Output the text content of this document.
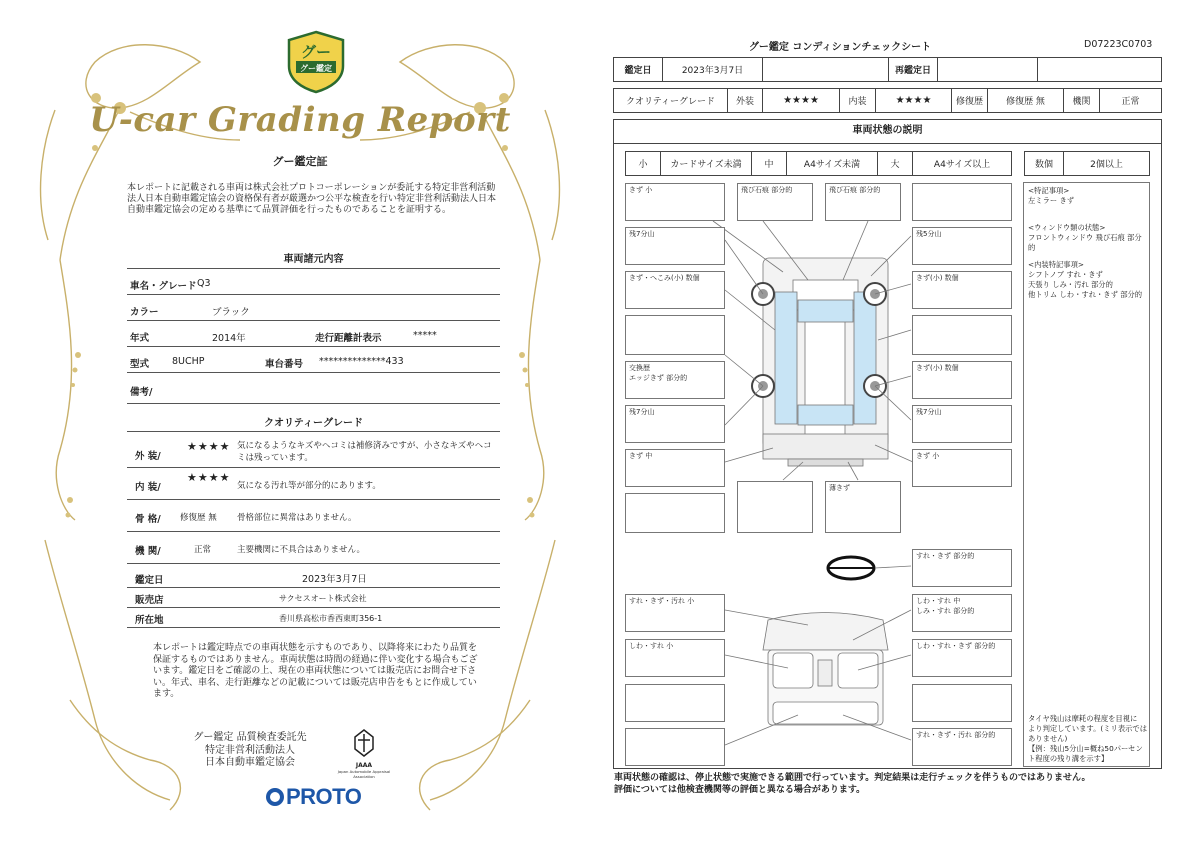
グー
グー鑑定
U-car Grading Report
グー鑑定証
本レポートに記載される車両は株式会社プロトコーポレーションが委託する特定非営利活動法人日本自動車鑑定協会の資格保有者が厳選かつ公平な検査を行い特定非営利活動法人日本自動車鑑定協会の定める基準にて品質評価を行ったものであることを証明する。
車両諸元内容
車名・グレード Q3
カラー	ブラック
年式	2014年	走行距離計表示	*****
型式 8UCHP	車台番号 **************433
備考/
クオリティーグレード
外 装/
★★★★ 気になるようなキズやヘコミは補修済みですが、小さなキズやヘコミは残っています。
内 装/
★★★★
気になる汚れ等が部分的にあります。
骨 格/ 修復歴 無 骨格部位に異常はありません。
機 関/	正常	主要機関に不具合はありません。
鑑定日	2023年3月7日
販売店	サクセスオート株式会社
所在地	香川県高松市香西東町356-1
本レポートは鑑定時点での車両状態を示すものであり、以降将来にわたり品質を保証するものではありません。車両状態は時間の経過に伴い変化する場合もございます。鑑定日をご確認の上、現在の車両状態については販売店にお問合せ下さい。年式、車名、走行距離などの記載については販売店申告をもとに作成しています。
グー鑑定 品質検査委託先
特定非営利活動法人
日本自動車鑑定協会	JAAA
Japan Automobile Appraisal Association
PROTO
グー鑑定 コンディションチェックシート	D07223C0703
鑑定日	2023年3月7日	再鑑定日
クオリティーグレード	外装	★★★★	内装	★★★★	修復歴	修復歴 無	機関	正常
車両状態の説明
小	カードサイズ未満	中	A4サイズ未満	大	A4サイズ以上	数個	2個以上
きず 小	飛び石痕 部分的	飛び石痕 部分的
残7分山	残5分山
きず・へこみ(小) 数個	きず(小) 数個
交換歴
エッジきず 部分的
きず(小) 数個
残7分山	残7分山
きず 中	きず 小
薄きず
すれ・きず 部分的
すれ・きず・汚れ 小	しわ・すれ 中
しみ・すれ 部分的
しわ・すれ 小	しわ・すれ・きず 部分的
すれ・きず・汚れ 部分的
<特記事項>
左ミラー きず
<ウィンドウ類の状態>
フロントウィンドウ 飛び石痕 部分的
<内装特記事項>
シフトノブ すれ・きず
天張り しみ・汚れ 部分的
他トリム しわ・すれ・きず 部分的
タイヤ残山は摩耗の程度を目視に
より判定しています。(ミリ表示では
ありません)
【例：残山5分山=概ね50パーセン
ト程度の残り溝を示す】
車両状態の確認は、停止状態で実施できる範囲で行っています。判定結果は走行チェックを伴うものではありません。
評価については他検査機関等の評価と異なる場合があります。
